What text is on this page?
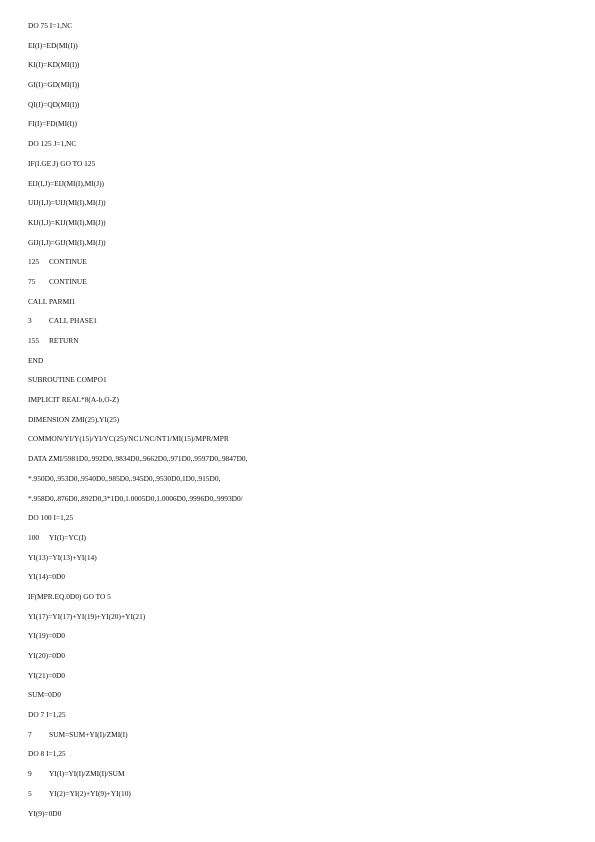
DO 75 I=1,NC
EI(I)=ED(MI(I))
KI(I)=KD(MI(I))
GI(I)=GD(MI(I))
QI(I)=QD(MI(I))
FI(I)=FD(MI(I))
DO 125 J=1,NC
IF(I.GE.J) GO TO 125
EIJ(I,J)=EIJ(MI(I),MI(J))
UIJ(I,J)=UIJ(MI(I),MI(J))
KIJ(I,J)=KIJ(MI(I),MI(J))
GIJ(I,J)=GIJ(MI(I),MI(J))
125	CONTINUE
75	CONTINUE
CALL PARMI1
3	CALL PHASE1
155	RETURN
END
SUBROUTINE COMPO1
IMPLICIT REAL*8(A-b,O-Z)
DIMENSION ZMI(25),YI(25)
COMMON/YI/Y(15)/YI/YC(25)/NC1/NC/NT1/MI(15)/MPR/MPR
DATA ZMI/5981D0,.992D0,.9834D0,.9662D0,.971D0,.9597D0,.9847D0,
*.950D0,.953D0,.9540D0,.985D0,.945D0,.9530D0,1D0,.915D0,
*.958D0,.876D0,.892D0,3*1D0,1.0005D0,1.0006D0,.9996D0,.9993D0/
DO 100 I=1,25
100	YI(I)=YC(I)
YI(13)=YI(13)+YI(14)
YI(14)=0D0
IF(MPR.EQ.0D0) GO TO 5
YI(17)=YI(17)+YI(19)+YI(20)+YI(21)
YI(19)=0D0
YI(20)=0D0
YI(21)=0D0
SUM=0D0
DO 7 I=1,25
7	SUM=SUM+YI(I)/ZMI(I)
DO 8 I=1,25
9	YI(I)=YI(I)/ZMI(I)/SUM
5	YI(2)=YI(2)+YI(9)+YI(10)
YI(9)=0D0
